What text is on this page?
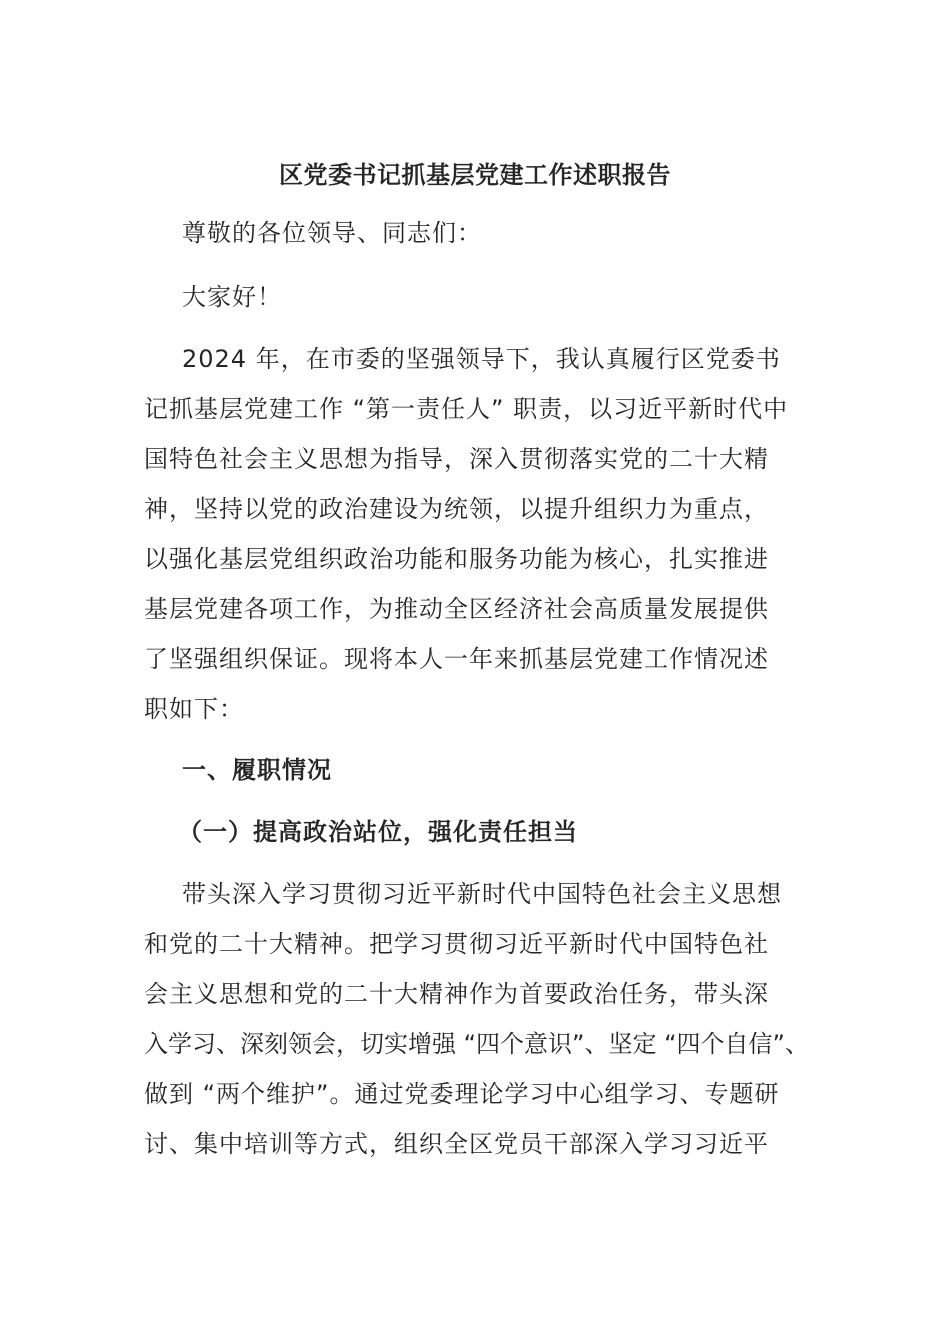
区党委书记抓基层党建工作述职报告
尊敬的各位领导、同志们：
大家好！
2024 年，在市委的坚强领导下，我认真履行区党委书
记抓基层党建工作 “第一责任人” 职责，以习近平新时代中
国特色社会主义思想为指导，深入贯彻落实党的二十大精
神，坚持以党的政治建设为统领，以提升组织力为重点，
以强化基层党组织政治功能和服务功能为核心，扎实推进
基层党建各项工作，为推动全区经济社会高质量发展提供
了坚强组织保证。现将本人一年来抓基层党建工作情况述
职如下：
一、履职情况
（一）提高政治站位，强化责任担当
带头深入学习贯彻习近平新时代中国特色社会主义思想
和党的二十大精神。把学习贯彻习近平新时代中国特色社
会主义思想和党的二十大精神作为首要政治任务，带头深
入学习、深刻领会，切实增强 “四个意识”、坚定 “四个自信”、
做到 “两个维护”。通过党委理论学习中心组学习、专题研
讨、集中培训等方式，组织全区党员干部深入学习习近平
